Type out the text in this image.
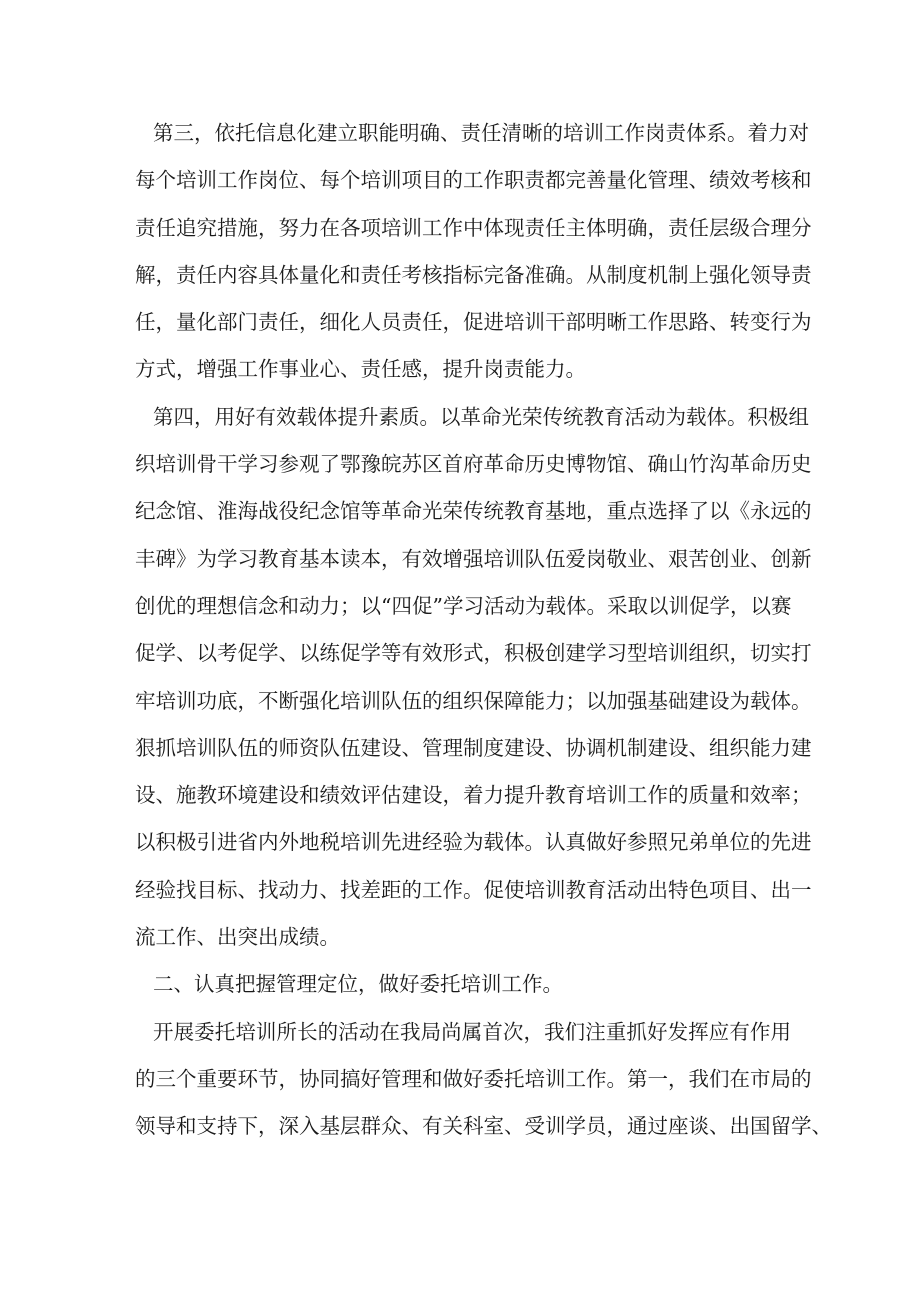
第三，依托信息化建立职能明确、责任清晰的培训工作岗责体系。着力对
每个培训工作岗位、每个培训项目的工作职责都完善量化管理、绩效考核和
责任追究措施，努力在各项培训工作中体现责任主体明确，责任层级合理分
解，责任内容具体量化和责任考核指标完备准确。从制度机制上强化领导责
任，量化部门责任，细化人员责任，促进培训干部明晰工作思路、转变行为
方式，增强工作事业心、责任感，提升岗责能力。
第四，用好有效载体提升素质。以革命光荣传统教育活动为载体。积极组
织培训骨干学习参观了鄂豫皖苏区首府革命历史博物馆、确山竹沟革命历史
纪念馆、淮海战役纪念馆等革命光荣传统教育基地，重点选择了以《永远的
丰碑》为学习教育基本读本，有效增强培训队伍爱岗敬业、艰苦创业、创新
创优的理想信念和动力；以“四促”学习活动为载体。采取以训促学，以赛
促学、以考促学、以练促学等有效形式，积极创建学习型培训组织，切实打
牢培训功底，不断强化培训队伍的组织保障能力；以加强基础建设为载体。
狠抓培训队伍的师资队伍建设、管理制度建设、协调机制建设、组织能力建
设、施教环境建设和绩效评估建设，着力提升教育培训工作的质量和效率；
以积极引进省内外地税培训先进经验为载体。认真做好参照兄弟单位的先进
经验找目标、找动力、找差距的工作。促使培训教育活动出特色项目、出一
流工作、出突出成绩。
二、认真把握管理定位，做好委托培训工作。
开展委托培训所长的活动在我局尚属首次，我们注重抓好发挥应有作用
的三个重要环节，协同搞好管理和做好委托培训工作。第一，我们在市局的
领导和支持下，深入基层群众、有关科室、受训学员，通过座谈、出国留学、
